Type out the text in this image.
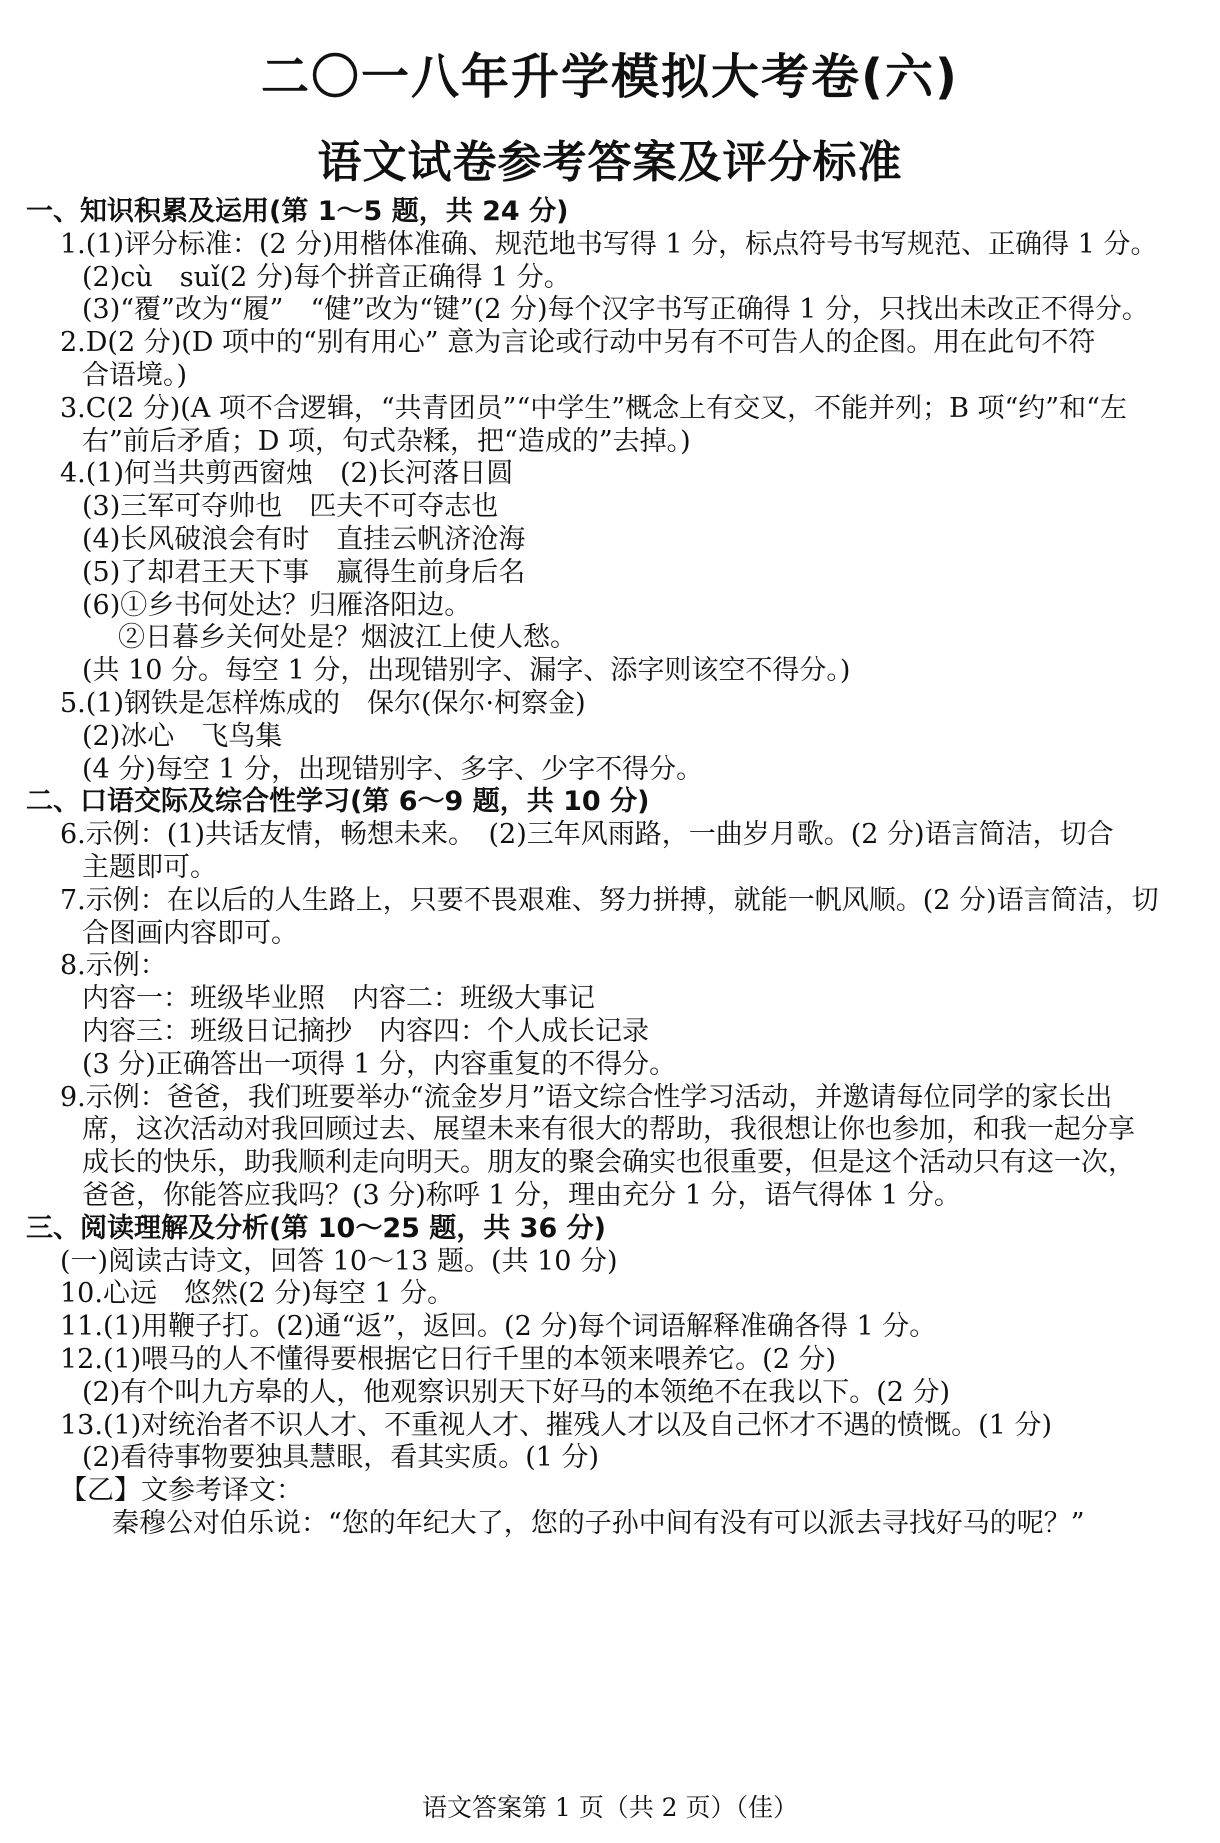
二〇一八年升学模拟大考卷(六)
语文试卷参考答案及评分标准
一、知识积累及运用(第 1～5 题，共 24 分)
1.(1)评分标准：(2 分)用楷体准确、规范地书写得 1 分，标点符号书写规范、正确得 1 分。
(2)cù　suǐ(2 分)每个拼音正确得 1 分。
(3)“覆”改为“履”　“健”改为“键”(2 分)每个汉字书写正确得 1 分，只找出未改正不得分。
2.D(2 分)(D 项中的“别有用心” 意为言论或行动中另有不可告人的企图。用在此句不符
合语境。)
3.C(2 分)(A 项不合逻辑，“共青团员”“中学生”概念上有交叉，不能并列；B 项“约”和“左
右”前后矛盾；D 项，句式杂糅，把“造成的”去掉。)
4.(1)何当共剪西窗烛　(2)长河落日圆
(3)三军可夺帅也　匹夫不可夺志也
(4)长风破浪会有时　直挂云帆济沧海
(5)了却君王天下事　赢得生前身后名
(6)①乡书何处达？归雁洛阳边。
②日暮乡关何处是？烟波江上使人愁。
(共 10 分。每空 1 分，出现错别字、漏字、添字则该空不得分。)
5.(1)钢铁是怎样炼成的　保尔(保尔·柯察金)
(2)冰心　飞鸟集
(4 分)每空 1 分，出现错别字、多字、少字不得分。
二、口语交际及综合性学习(第 6～9 题，共 10 分)
6.示例：(1)共话友情，畅想未来。　(2)三年风雨路，一曲岁月歌。(2 分)语言简洁，切合
主题即可。
7.示例：在以后的人生路上，只要不畏艰难、努力拼搏，就能一帆风顺。(2 分)语言简洁，切
合图画内容即可。
8.示例：
内容一：班级毕业照　内容二：班级大事记
内容三：班级日记摘抄　内容四：个人成长记录
(3 分)正确答出一项得 1 分，内容重复的不得分。
9.示例：爸爸，我们班要举办“流金岁月”语文综合性学习活动，并邀请每位同学的家长出
席，这次活动对我回顾过去、展望未来有很大的帮助，我很想让你也参加，和我一起分享
成长的快乐，助我顺利走向明天。朋友的聚会确实也很重要，但是这个活动只有这一次，
爸爸，你能答应我吗？(3 分)称呼 1 分，理由充分 1 分，语气得体 1 分。
三、阅读理解及分析(第 10～25 题，共 36 分)
(一)阅读古诗文，回答 10～13 题。(共 10 分)
10.心远　悠然(2 分)每空 1 分。
11.(1)用鞭子打。(2)通“返”，返回。(2 分)每个词语解释准确各得 1 分。
12.(1)喂马的人不懂得要根据它日行千里的本领来喂养它。(2 分)
(2)有个叫九方皋的人，他观察识别天下好马的本领绝不在我以下。(2 分)
13.(1)对统治者不识人才、不重视人才、摧残人才以及自己怀才不遇的愤慨。(1 分)
(2)看待事物要独具慧眼，看其实质。(1 分)
【乙】文参考译文：
秦穆公对伯乐说：“您的年纪大了，您的子孙中间有没有可以派去寻找好马的呢？”
语文答案第 1 页（共 2 页）（佳）
